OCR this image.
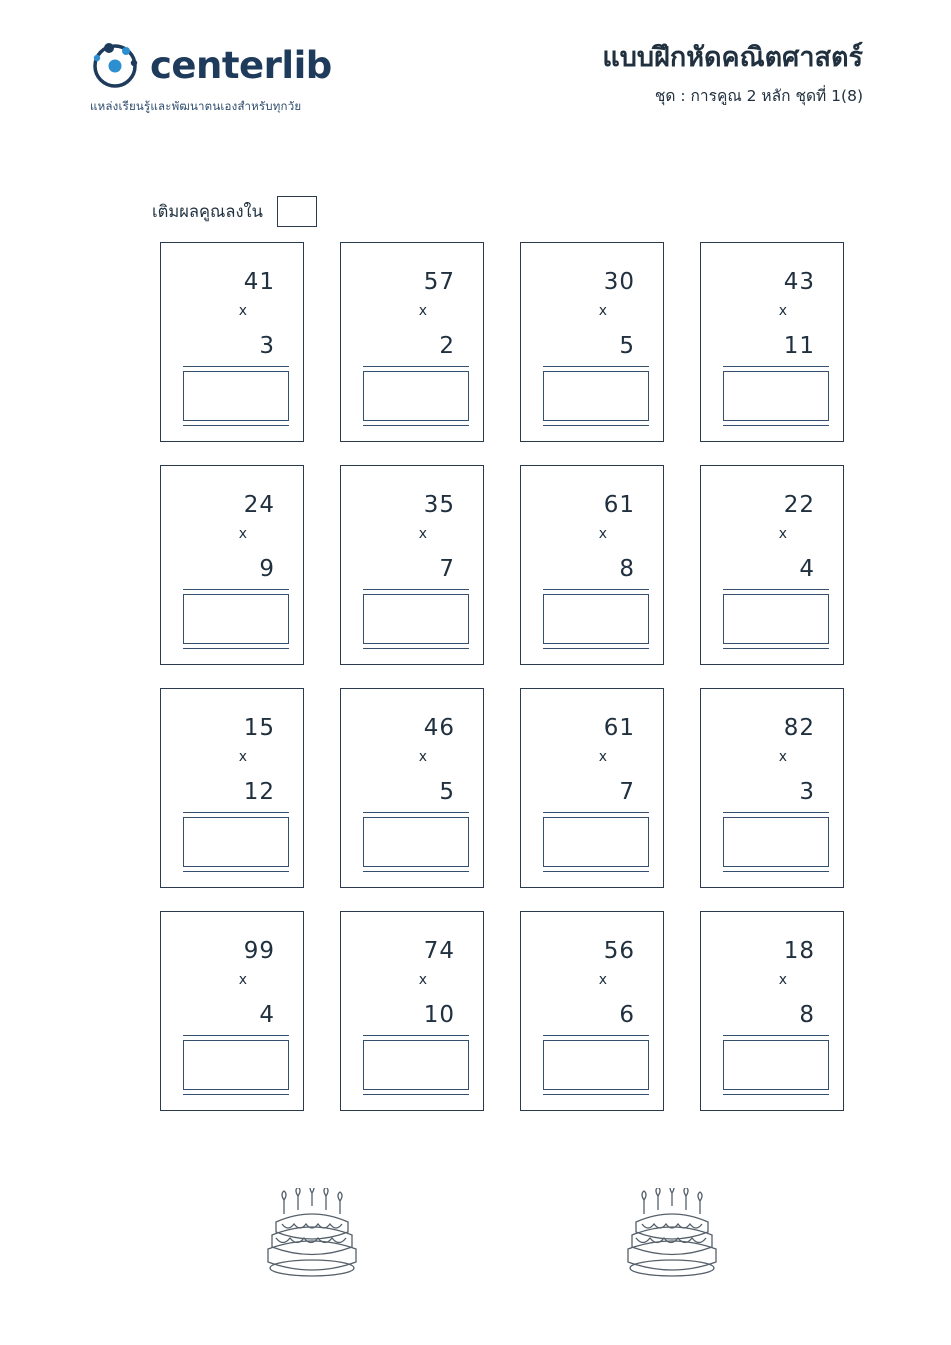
centerlib
แหล่งเรียนรู้และพัฒนาตนเองสำหรับทุกวัย
แบบฝึกหัดคณิตศาสตร์
ชุด : การคูณ 2 หลัก ชุดที่ 1(8)
เติมผลคูณลงใน
41
x
3
57
x
2
30
x
5
43
x
11
24
x
9
35
x
7
61
x
8
22
x
4
15
x
12
46
x
5
61
x
7
82
x
3
99
x
4
74
x
10
56
x
6
18
x
8
